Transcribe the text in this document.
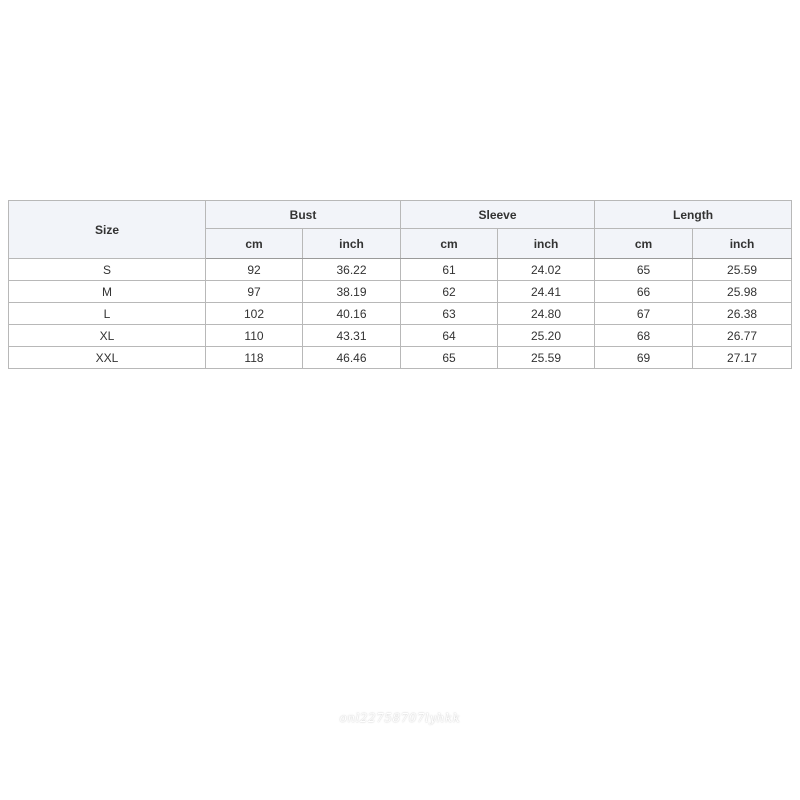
Size	Bust		Sleeve		Length	
	cm	inch	cm	inch	cm	inch
S	92	36.22	61	24.02	65	25.59
M	97	38.19	62	24.41	66	25.98
L	102	40.16	63	24.80	67	26.38
XL	110	43.31	64	25.20	68	26.77
XXL	118	46.46	65	25.59	69	27.17
onl22758707lyhkk
